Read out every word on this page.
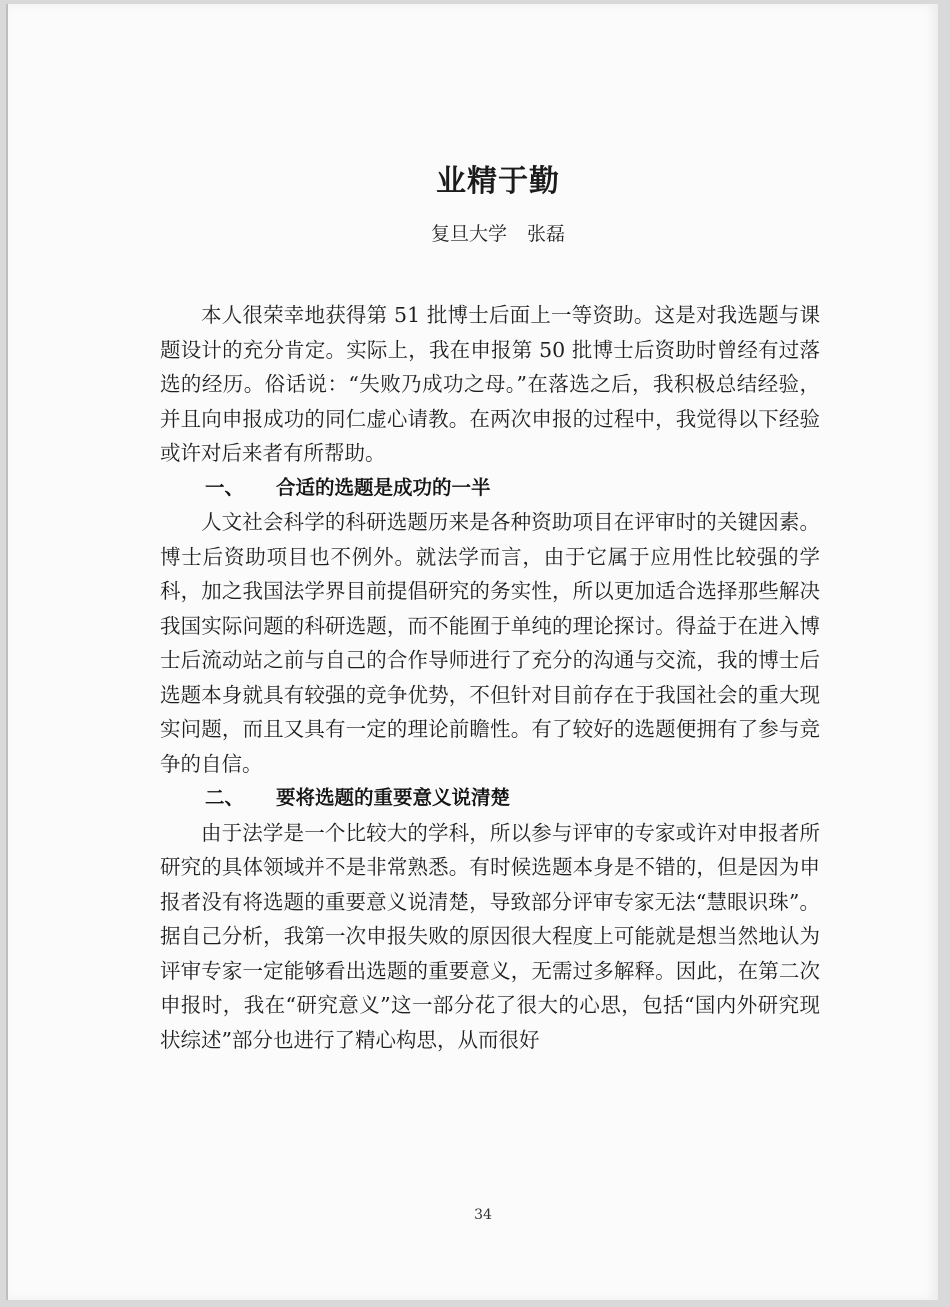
业精于勤
复旦大学 张磊

本人很荣幸地获得第 51 批博士后面上一等资助。这是对我选题与课题设计的充分肯定。实际上，我在申报第 50 批博士后资助时曾经有过落选的经历。俗话说：“失败乃成功之母。”在落选之后，我积极总结经验，并且向申报成功的同仁虚心请教。在两次申报的过程中，我觉得以下经验或许对后来者有所帮助。

一、 合适的选题是成功的一半

人文社会科学的科研选题历来是各种资助项目在评审时的关键因素。博士后资助项目也不例外。就法学而言，由于它属于应用性比较强的学科，加之我国法学界目前提倡研究的务实性，所以更加适合选择那些解决我国实际问题的科研选题，而不能囿于单纯的理论探讨。得益于在进入博士后流动站之前与自己的合作导师进行了充分的沟通与交流，我的博士后选题本身就具有较强的竞争优势，不但针对目前存在于我国社会的重大现实问题，而且又具有一定的理论前瞻性。有了较好的选题便拥有了参与竞争的自信。

二、 要将选题的重要意义说清楚

由于法学是一个比较大的学科，所以参与评审的专家或许对申报者所研究的具体领域并不是非常熟悉。有时候选题本身是不错的，但是因为申报者没有将选题的重要意义说清楚，导致部分评审专家无法“慧眼识珠”。据自己分析，我第一次申报失败的原因很大程度上可能就是想当然地认为评审专家一定能够看出选题的重要意义，无需过多解释。因此，在第二次申报时，我在“研究意义”这一部分花了很大的心思，包括“国内外研究现状综述”部分也进行了精心构思，从而很好

34
